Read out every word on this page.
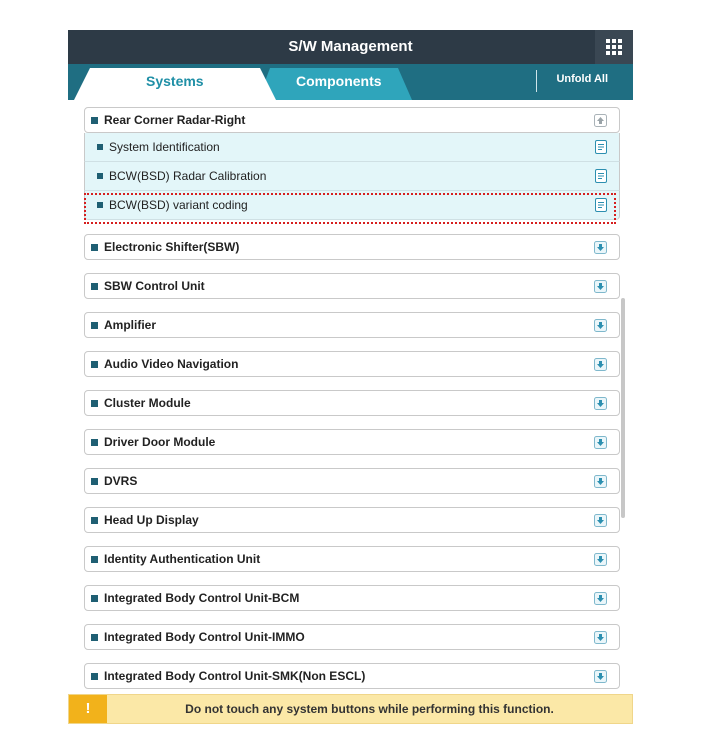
S/W Management
Systems	Components	Unfold All
Rear Corner Radar-Right
System Identification
BCW(BSD) Radar Calibration
BCW(BSD) variant coding
Electronic Shifter(SBW)
SBW Control Unit
Amplifier
Audio Video Navigation
Cluster Module
Driver Door Module
DVRS
Head Up Display
Identity Authentication Unit
Integrated Body Control Unit-BCM
Integrated Body Control Unit-IMMO
Integrated Body Control Unit-SMK(Non ESCL)
!	Do not touch any system buttons while performing this function.
